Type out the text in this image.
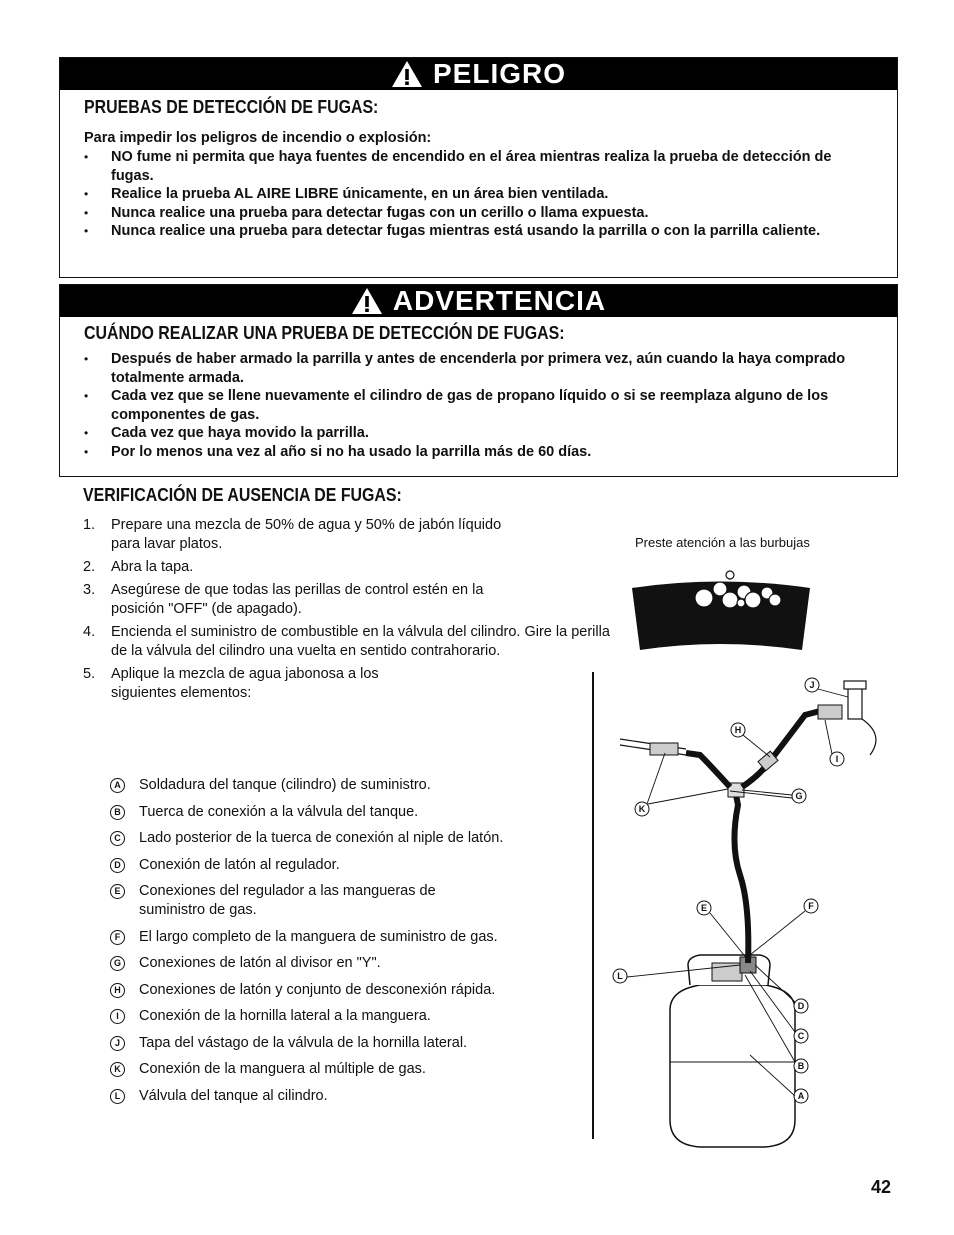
PELIGRO
PRUEBAS DE DETECCIÓN DE FUGAS:

Para impedir los peligros de incendio o explosión:

• NO fume ni permita que haya fuentes de encendido en el área mientras realiza la prueba de detección de fugas.
• Realice la prueba AL AIRE LIBRE únicamente, en un área bien ventilada.
• Nunca realice una prueba para detectar fugas con un cerillo o llama expuesta.
• Nunca realice una prueba para detectar fugas mientras está usando la parrilla o con la parrilla caliente.
ADVERTENCIA
CUÁNDO REALIZAR UNA PRUEBA DE DETECCIÓN DE FUGAS:
• Después de haber armado la parrilla y antes de encenderla por primera vez, aún cuando la haya comprado totalmente armada.
• Cada vez que se llene nuevamente el cilindro de gas de propano líquido o si se reemplaza alguno de los componentes de gas.
• Cada vez que haya movido la parrilla.
• Por lo menos una vez al año si no ha usado la parrilla más de 60 días.
VERIFICACIÓN DE AUSENCIA DE FUGAS:
1. Prepare una mezcla de 50% de agua y 50% de jabón líquido para lavar platos.
2. Abra la tapa.
3. Asegúrese de que todas las perillas de control estén en la posición "OFF" (de apagado).
4. Encienda el suministro de combustible en la válvula del cilindro. Gire la perilla de la válvula del cilindro una vuelta en sentido contrahorario.
5. Aplique la mezcla de agua jabonosa a los siguientes elementos:
A Soldadura del tanque (cilindro) de suministro.
B Tuerca de conexión a la válvula del tanque.
C Lado posterior de la tuerca de conexión al niple de latón.
D Conexión de latón al regulador.
E	Conexiones del regulador a las mangueras de suministro de gas.
F	El largo completo de la manguera de suministro de gas.
G Conexiones de latón al divisor en "Y".
H Conexiones de latón y conjunto de desconexión rápida.
I	Conexión de la hornilla lateral a la manguera.
J	Tapa del vástago de la válvula de la hornilla lateral.
K Conexión de la manguera al múltiple de gas.
L	Válvula del tanque al cilindro.
Preste atención a las burbujas
J
H
I
G
K
E	F
L
D
C
B
A
42
